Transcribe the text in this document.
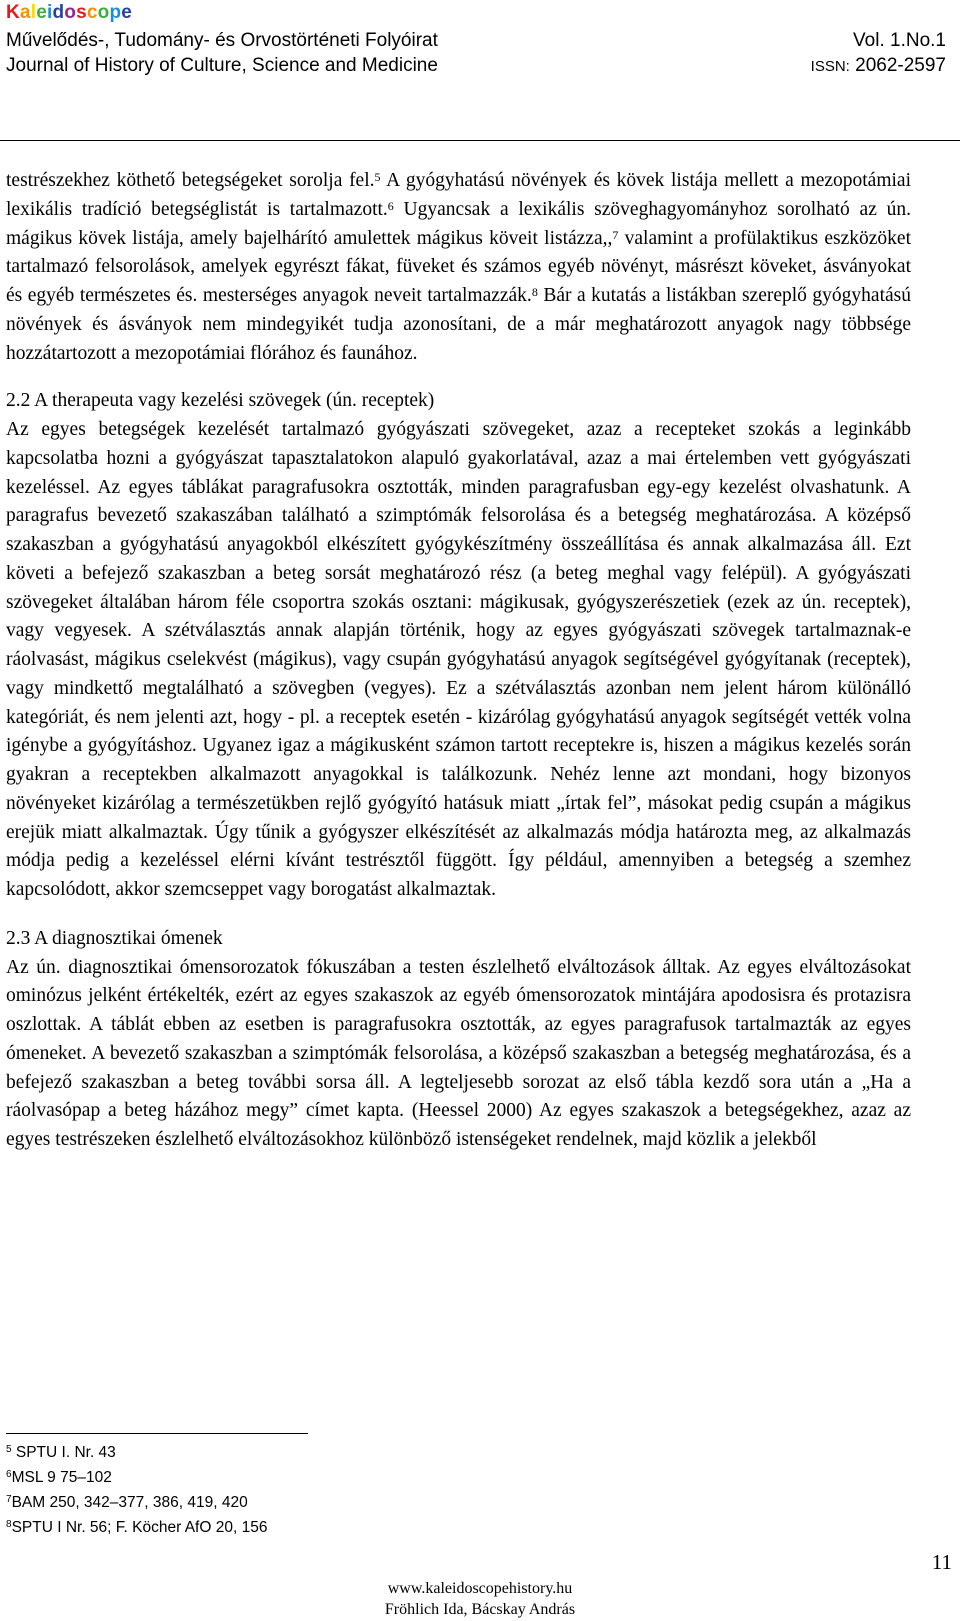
Kaleidoscope
Művelődés-, Tudomány- és Orvostörténeti Folyóirat
Journal of History of Culture, Science and Medicine
Vol. 1.No.1
ISSN: 2062-2597

testrészekhez köthető betegségeket sorolja fel.$^5$ A gyógyhatású növények és kövek listája mellett a mezopotámiai lexikális tradíció betegséglistát is tartalmazott.$^6$ Ugyancsak a lexikális szöveghagyományhoz sorolható az ún. mágikus kövek listája, amely bajelhárító amulettek mágikus köveit listázza,,$^7$ valamint a profülaktikus eszközöket tartalmazó felsorolások, amelyek egyrészt fákat, füveket és számos egyéb növényt, másrészt köveket, ásványokat és egyéb természetes és. mesterséges anyagok neveit tartalmazzák.$^8$ Bár a kutatás a listákban szereplő gyógyhatású növények és ásványok nem mindegyikét tudja azonosítani, de a már meghatározott anyagok nagy többsége hozzátartozott a mezopotámiai flórához és faunához.

2.2 A therapeuta vagy kezelési szövegek (ún. receptek)

Az egyes betegségek kezelését tartalmazó gyógyászati szövegeket, azaz a recepteket szokás a leginkább kapcsolatba hozni a gyógyászat tapasztalatokon alapuló gyakorlatával, azaz a mai értelemben vett gyógyászati kezeléssel. Az egyes táblákat paragrafusokra osztották, minden paragrafusban egy-egy kezelést olvashatunk. A paragrafus bevezető szakaszában található a szimptómák felsorolása és a betegség meghatározása. A középső szakaszban a gyógyhatású anyagokból elkészített gyógykészítmény összeállítása és annak alkalmazása áll. Ezt követi a befejező szakaszban a beteg sorsát meghatározó rész (a beteg meghal vagy felépül). A gyógyászati szövegeket általában három féle csoportra szokás osztani: mágikusak, gyógyszerészetiek (ezek az ún. receptek), vagy vegyesek. A szétválasztás annak alapján történik, hogy az egyes gyógyászati szövegek tartalmaznak-e ráolvasást, mágikus cselekvést (mágikus), vagy csupán gyógyhatású anyagok segítségével gyógyítanak (receptek), vagy mindkettő megtalálható a szövegben (vegyes). Ez a szétválasztás azonban nem jelent három különálló kategóriát, és nem jelenti azt, hogy - pl. a receptek esetén - kizárólag gyógyhatású anyagok segítségét vették volna igénybe a gyógyításhoz. Ugyanez igaz a mágikusként számon tartott receptekre is, hiszen a mágikus kezelés során gyakran a receptekben alkalmazott anyagokkal is találkozunk. Nehéz lenne azt mondani, hogy bizonyos növényeket kizárólag a természetükben rejlő gyógyító hatásuk miatt „írtak fel”, másokat pedig csupán a mágikus erejük miatt alkalmaztak. Úgy tűnik a gyógyszer elkészítését az alkalmazás módja határozta meg, az alkalmazás módja pedig a kezeléssel elérni kívánt testrésztől függött. Így például, amennyiben a betegség a szemhez kapcsolódott, akkor szemcseppet vagy borogatást alkalmaztak.

2.3 A diagnosztikai ómenek

Az ún. diagnosztikai ómensorozatok fókuszában a testen észlelhető elváltozások álltak. Az egyes elváltozásokat ominózus jelként értékelték, ezért az egyes szakaszok az egyéb ómensorozatok mintájára apodosisra és protazisra oszlottak. A táblát ebben az esetben is paragrafusokra osztották, az egyes paragrafusok tartalmazták az egyes ómeneket. A bevezető szakaszban a szimptómák felsorolása, a középső szakaszban a betegség meghatározása, és a befejező szakaszban a beteg további sorsa áll. A legteljesebb sorozat az első tábla kezdő sora után a „Ha a ráolvasópap a beteg házához megy” címet kapta. (Heessel 2000) Az egyes szakaszok a betegségekhez, azaz az egyes testrészeken észlelhető elváltozásokhoz különböző istenségeket rendelnek, majd közlik a jelekből

$^5$ SPTU I. Nr. 43
$^6$MSL 9 75–102
$^7$BAM 250, 342–377, 386, 419, 420
$^8$SPTU I Nr. 56; F. Köcher AfO 20, 156
11
www.kaleidoscopehistory.hu
Fröhlich Ida, Bácskay András
